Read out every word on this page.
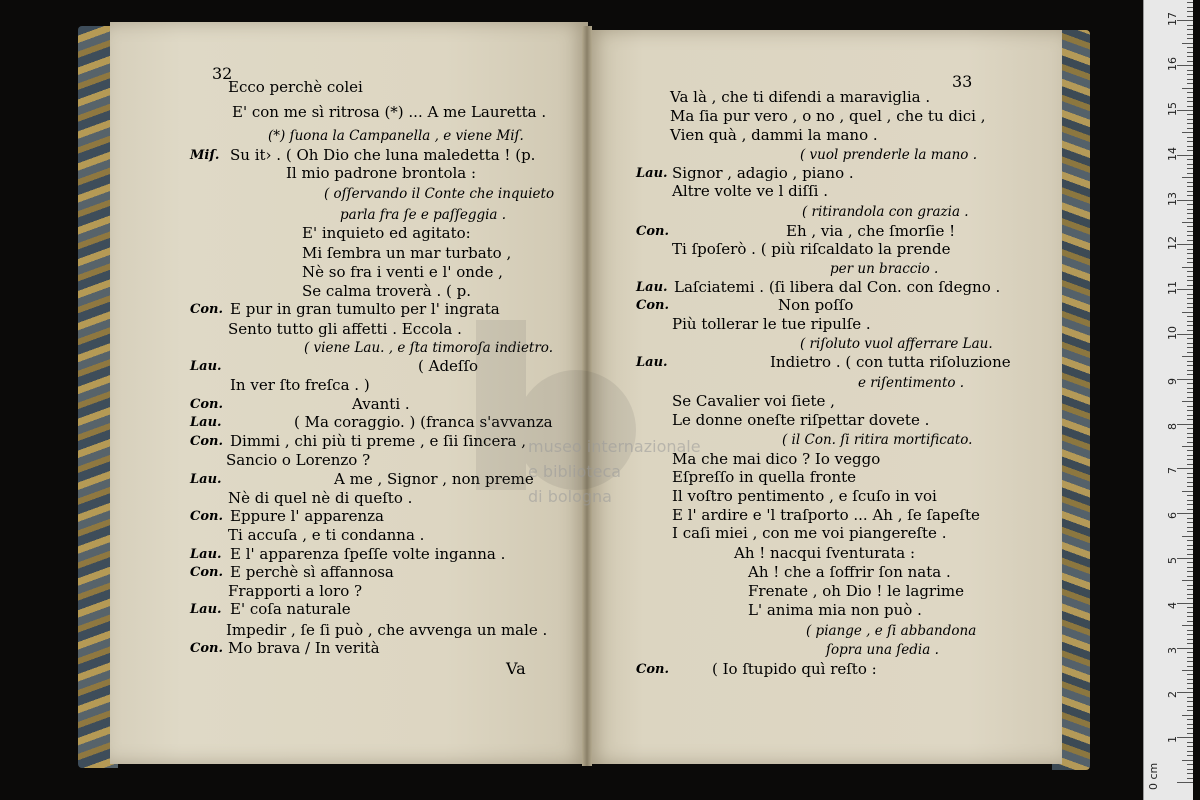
32	33
Va
Ecco perchè colei
E' con me sì ritrosa (*) ... A me Lauretta .
(*) ſuona la Campanella , e viene Miſ.
Su it› . ( Oh Dio che luna maledetta ! (p.
Miſ.
Il mio padrone brontola :
( oſſervando il Conte che inquieto
parla fra ſe e paſſeggia .
E' inquieto ed agitato:
Mi ſembra un mar turbato ,
Nè so fra i venti e l' onde ,
Se calma troverà . ( p.
E pur in gran tumulto per l' ingrata
Con.
Sento tutto gli affetti . Eccola .
( viene Lau. , e ſta timoroſa indietro.
( Adeſſo
Lau.
In ver ſto freſca . )
Avanti .
Con.
( Ma coraggio. ) (franca s'avvanza
Lau.
Dimmi , chi più ti preme , e ſii ſincera ,
Con.
Sancio o Lorenzo ?
A me , Signor , non preme
Lau.
Nè di quel nè di queſto .
Eppure l' apparenza
Con.
Ti accuſa , e ti condanna .
E l' apparenza ſpeſſe volte inganna .
Lau.
E perchè sì affannosa
Con.
Frapporti a loro ?
E' coſa naturale
Lau.
Impedir , ſe ſi può , che avvenga un male .
Mo brava / In verità
Con.
Va là , che ti difendi a maraviglia .
Ma ſia pur vero , o no , quel , che tu dici ,
Vien quà , dammi la mano .
( vuol prenderle la mano .
Signor , adagio , piano .
Lau.
Altre volte ve l diſſi .
( ritirandola con grazia .
Eh , via , che ſmorſie !
Con.
Ti ſpoſerò . ( più riſcaldato la prende
per un braccio .
Laſciatemi . (ſi libera dal Con. con ſdegno .
Lau.
Non poſſo
Con.
Più tollerar le tue ripulſe .
( riſoluto vuol afferrare Lau.
Indietro . ( con tutta riſoluzione
Lau.
e riſentimento .
Se Cavalier voi ſiete ,
Le donne oneſte riſpettar dovete .
( il Con. ſi ritira mortificato.
Ma che mai dico ? Io veggo
Eſpreſſo in quella fronte
Il voſtro pentimento , e ſcuſo in voi
E l' ardire e 'l traſporto ... Ah , ſe ſapeſte
I caſi miei , con me voi piangereſte .
Ah ! nacqui ſventurata :
Ah ! che a ſoffrir ſon nata .
Frenate , oh Dio ! le lagrime
L' anima mia non può .
( piange , e ſi abbandona
ſopra una ſedia .
( Io ſtupido quì reſto :
Con.
museo internazionale
e biblioteca
di bologna
0 cm
1
2
3
4
5
6
7
8
9
10
11
12
13
14
15
16
17
